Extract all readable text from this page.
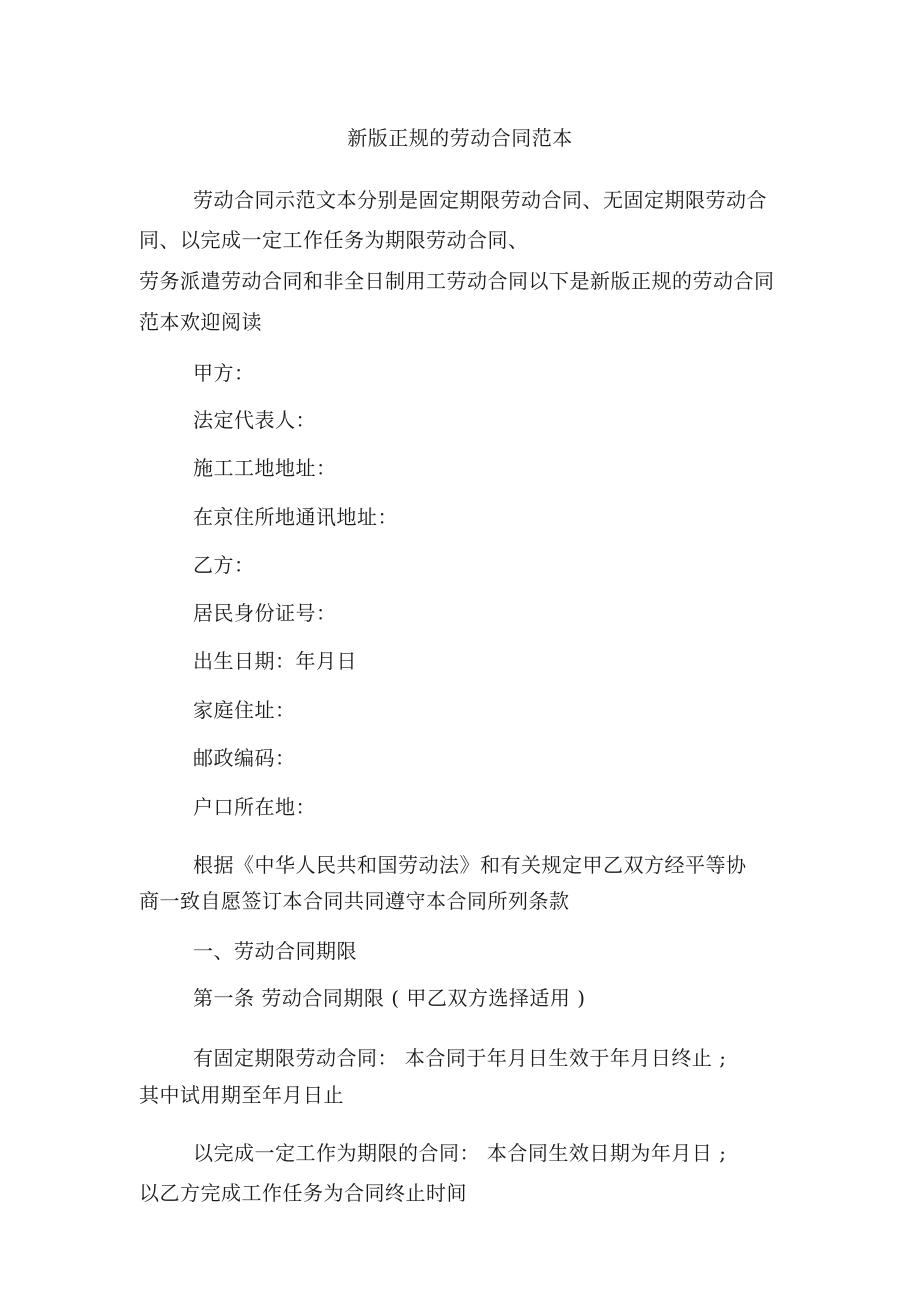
新版正规的劳动合同范本
劳动合同示范文本分别是固定期限劳动合同、无固定期限劳动合
同、以完成一定工作任务为期限劳动合同、
劳务派遣劳动合同和非全日制用工劳动合同以下是新版正规的劳动合同
范本欢迎阅读
甲方：
法定代表人：
施工工地地址：
在京住所地通讯地址：
乙方：
居民身份证号：
出生日期：年月日
家庭住址：
邮政编码：
户口所在地：
根据《中华人民共和国劳动法》和有关规定甲乙双方经平等协
商一致自愿签订本合同共同遵守本合同所列条款
一、劳动合同期限
第一条 劳动合同期限 ( 甲乙双方选择适用 )
有固定期限劳动合同： 本合同于年月日生效于年月日终止 ;
其中试用期至年月日止
以完成一定工作为期限的合同： 本合同生效日期为年月日 ;
以乙方完成工作任务为合同终止时间
